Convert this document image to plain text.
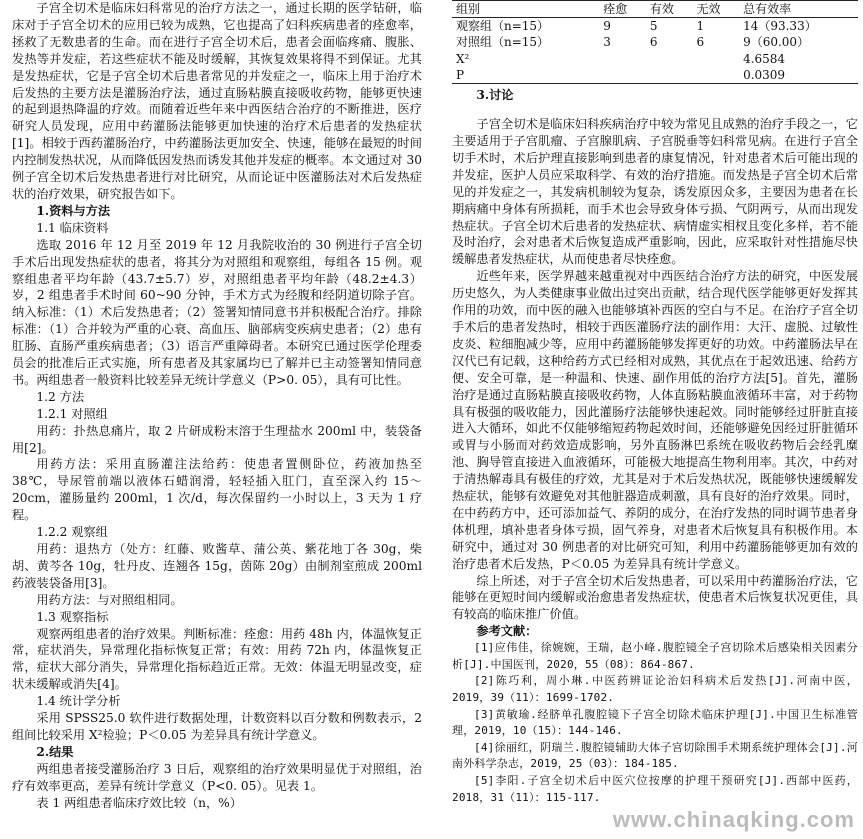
子宫全切术是临床妇科常见的治疗方法之一，通过长期的医学钻研，临床对于子宫全切术的应用已较为成熟，它也提高了妇科疾病患者的痊愈率，拯救了无数患者的生命。而在进行子宫全切术后，患者会面临疼痛、腹胀、发热等并发症，若这些症状不能及时缓解，其恢复效果将得不到保证。尤其是发热症状，它是子宫全切术后患者常见的并发症之一，临床上用于治疗术后发热的主要方法是灌肠治疗法，通过直肠粘膜直接吸收药物，能够更快速的起到退热降温的疗效。而随着近些年来中西医结合治疗的不断推进，医疗研究人员发现，应用中药灌肠法能够更加快速的治疗术后患者的发热症状[1]。相较于西药灌肠治疗，中药灌肠法更加安全、快速，能够在最短的时间内控制发热状况，从而降低因发热而诱发其他并发症的概率。本文通过对 30 例子宫全切术后发热患者进行对比研究，从而论证中医灌肠法对术后发热症状的治疗效果，研究报告如下。

1.资料与方法

1.1 临床资料

选取 2016 年 12 月至 2019 年 12 月我院收治的 30 例进行子宫全切手术后出现发热症状的患者，将其分为对照组和观察组，每组各 15 例。观察组患者平均年龄（43.7±5.7）岁，对照组患者平均年龄（48.2±4.3）岁，2 组患者手术时间 60~90 分钟，手术方式为经腹和经阴道切除子宫。纳入标准：（1）术后发热患者；（2）签署知情同意书并积极配合治疗。排除标准：（1）合并较为严重的心衰、高血压、脑部病变疾病史患者；（2）患有肛肠、直肠严重疾病患者；（3）语言严重障碍者。本研究已通过医学伦理委员会的批准后正式实施，所有患者及其家属均已了解并已主动签署知情同意书。两组患者一般资料比较差异无统计学意义（P>0. 05），具有可比性。

1.2 方法

1.2.1 对照组

用药：扑热息痛片，取 2 片研成粉末溶于生理盐水 200ml 中，装袋备用[2]。

用药方法：采用直肠灌注法给药：使患者置侧卧位，药液加热至 38℃，导尿管前端以液体石蜡润滑，轻轻插入肛门，直至深入约 15～20cm，灌肠量约 200ml，1 次/d，每次保留约一小时以上，3 天为 1 疗程。

1.2.2 观察组

用药：退热方（处方：红藤、败酱草、蒲公英、紫花地丁各 30g，柴胡、黄芩各 10g，牡丹皮、连翘各 15g，茵陈 20g）由制剂室煎成 200ml 药液装袋备用[3]。

用药方法：与对照组相同。

1.3 观察指标

观察两组患者的治疗效果。判断标准：痊愈：用药 48h 内，体温恢复正常，症状消失，异常理化指标恢复正常；有效：用药 72h 内，体温恢复正常，症状大部分消失，异常理化指标趋近正常。无效：体温无明显改变，症状未缓解或消失[4]。

1.4 统计学分析

采用 SPSS25.0 软件进行数据处理，计数资料以百分数和例数表示，2 组间比较采用 X²检验；P＜0.05 为差异具有统计学意义。

2.结果

两组患者接受灌肠治疗 3 日后，观察组的治疗效果明显优于对照组，治疗有效率更高，差异有统计学意义（P<0. 05）。见表 1。

表 1 两组患者临床疗效比较（n，%）

组别	痊愈	有效	无效	总有效率
观察组（n=15）	9	5	1	14（93.33）
对照组（n=15）	3	6	6	9（60.00）
X²				4.6584
P				0.0309

3.讨论

子宫全切术是临床妇科疾病治疗中较为常见且成熟的治疗手段之一，它主要适用于子宫肌瘤、子宫腺肌病、子宫脱垂等妇科常见病。在进行子宫全切手术时，术后护理直接影响到患者的康复情况，针对患者术后可能出现的并发症，医护人员应采取科学、有效的治疗措施。而发热是子宫全切术后常见的并发症之一，其发病机制较为复杂，诱发原因众多，主要因为患者在长期病痛中身体有所损耗，而手术也会导致身体亏损、气阴两亏，从而出现发热症状。子宫全切术后患者的发热症状、病情虚实相杈且变化多样，若不能及时治疗，会对患者术后恢复造成严重影响，因此，应采取针对性措施尽快缓解患者发热症状，从而使患者尽快痊愈。

近些年来，医学界越来越重视对中西医结合治疗方法的研究，中医发展历史悠久，为人类健康事业做出过突出贡献，结合现代医学能够更好发挥其作用的功效，而中医的融入也能够填补西医的空白与不足。在治疗子宫全切手术后的患者发热时，相较于西医灌肠疗法的副作用：大汗、虚脱、过敏性皮炎、粒细胞减少等，应用中药灌肠能够发挥更好的功效。中药灌肠法早在汉代已有记载，这种给药方式已经相对成熟，其优点在于起效迅速、给药方便、安全可靠，是一种温和、快速、副作用低的治疗方法[5]。首先，灌肠治疗是通过直肠粘膜直接吸收药物，人体直肠粘膜血液循环丰富，对于药物具有极强的吸收能力，因此灌肠疗法能够快速起效。同时能够经过肝脏直接进入大循环，如此不仅能够缩短药物起效时间，还能够避免因经过肝脏循环或胃与小肠而对药效造成影响，另外直肠淋巴系统在吸收药物后会经乳糜池、胸导管直接进入血液循环，可能极大地提高生物利用率。其次，中药对于清热解毒具有极佳的疗效，尤其是对于术后发热状况，既能够快速缓解发热症状，能够有效避免对其他脏器造成刺激，具有良好的治疗效果。同时，在中药药方中，还可添加益气、养阴的成分，在治疗发热的同时调节患者身体机理，填补患者身体亏损，固气养身，对患者术后恢复具有积极作用。本研究中，通过对 30 例患者的对比研究可知，利用中药灌肠能够更加有效的治疗患者术后发热，P＜0.05 为差异具有统计学意义。

综上所述，对于子宫全切术后发热患者，可以采用中药灌肠治疗法，它能够在更短时间内缓解或治愈患者发热症状，使患者术后恢复状况更佳，具有较高的临床推广价值。

参考文献：

[1]应伟佳，徐婉婉，王瑞，赵小峰.腹腔镜全子宫切除术后感染相关因素分析[J].中国医刊，2020，55（08）：864-867.

[2]陈巧利，周小琳.中医药辨证论治妇科病术后发热[J].河南中医，2019，39（11）：1699-1702.

[3]黄敏瑜.经脐单孔腹腔镜下子宫全切除术临床护理[J].中国卫生标准管理，2019，10（15）：144-146.

[4]徐丽红，阴瑞兰.腹腔镜辅助大体子宫切除围手术期系统护理体会[J].河南外科学杂志，2019，25（03）：184-185.

[5]李阳.子宫全切术后中医穴位按摩的护理干预研究[J].西部中医药，2018，31（11）：115-117.

www.chinaqking.com
